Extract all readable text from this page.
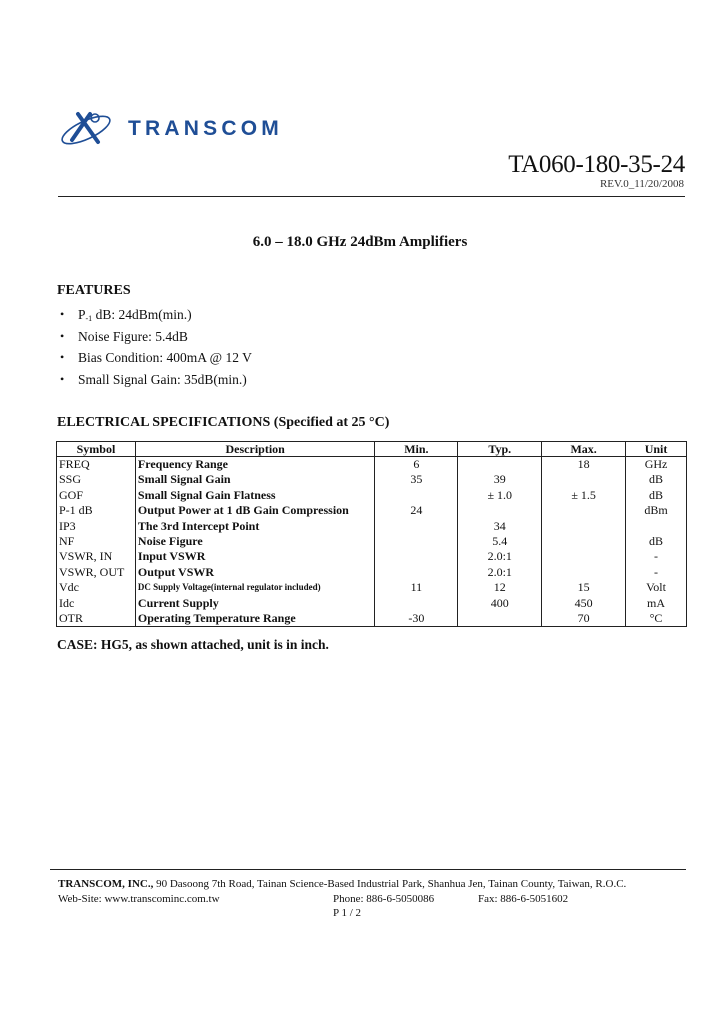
TRANSCOM
TA060-180-35-24
REV.0_11/20/2008
6.0 – 18.0 GHz 24dBm Amplifiers
FEATURES
• $P_{-1}$ dB: 24dBm(min.)
• Noise Figure: 5.4dB
• Bias Condition: 400mA @ 12 V
• Small Signal Gain: 35dB(min.)
ELECTRICAL SPECIFICATIONS (Specified at 25 °C)
Symbol	Description	Min.	Typ.	Max.	Unit
FREQ	Frequency Range	6		18	GHz
SSG	Small Signal Gain	35	39		dB
GOF	Small Signal Gain Flatness		± 1.0	± 1.5	dB
P-1 dB	Output Power at 1 dB Gain Compression	24			dBm
IP3	The 3rd Intercept Point		34		
NF	Noise Figure		5.4		dB
VSWR, IN	Input VSWR		2.0:1		-
VSWR, OUT	Output VSWR		2.0:1		-
Vdc	DC Supply Voltage(internal regulator included)	11	12	15	Volt
Idc	Current Supply		400	450	mA
OTR	Operating Temperature Range	-30		70	°C
CASE: HG5, as shown attached, unit is in inch.
TRANSCOM, INC., 90 Dasoong 7th Road, Tainan Science-Based Industrial Park, Shanhua Jen, Tainan County, Taiwan, R.O.C.
Web-Site: www.transcominc.com.tw	Phone: 886-6-5050086	Fax: 886-6-5051602
P 1 / 2
